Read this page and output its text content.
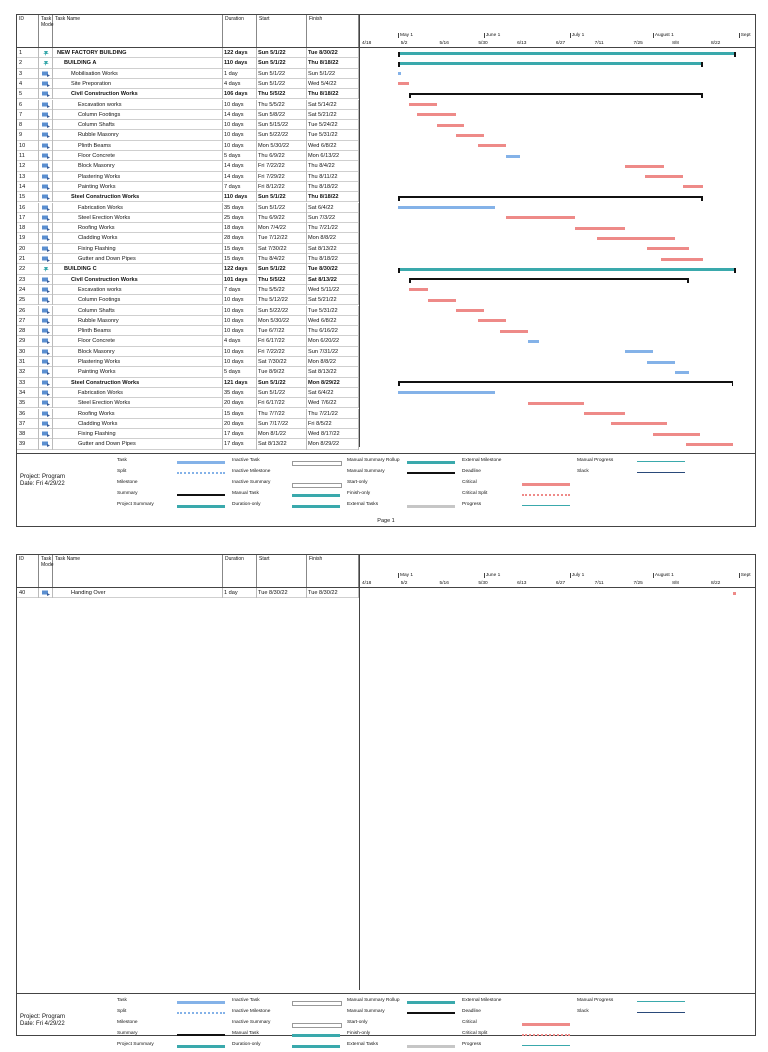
ID	Task Mode
Task Name	Duration	Start	Finish
1	NEW FACTORY BUILDING	122 days	Sun 5/1/22	Tue 8/30/22
2	BUILDING A	110 days	Sun 5/1/22	Thu 8/18/22
3	Mobilisation Works	1 day	Sun 5/1/22	Sun 5/1/22
4	Site Preporation	4 days	Sun 5/1/22	Wed 5/4/22
5	Civil Construction Works	106 days	Thu 5/5/22	Thu 8/18/22
6	Excavation works	10 days	Thu 5/5/22	Sat 5/14/22
7	Column Footings	14 days	Sun 5/8/22	Sat 5/21/22
8	Column Shafts	10 days	Sun 5/15/22	Tue 5/24/22
9	Rubble Masonry	10 days	Sun 5/22/22	Tue 5/31/22
10	Plinth Beams	10 days	Mon 5/30/22	Wed 6/8/22
11	Floor Concrete	5 days	Thu 6/9/22	Mon 6/13/22
12	Block Masonry	14 days	Fri 7/22/22	Thu 8/4/22
13	Plastering Works	14 days	Fri 7/29/22	Thu 8/11/22
14	Painting Works	7 days	Fri 8/12/22	Thu 8/18/22
15	Steel Construction Works	110 days	Sun 5/1/22	Thu 8/18/22
16	Fabrication Works	35 days	Sun 5/1/22	Sat 6/4/22
17	Steel Erection Works	25 days	Thu 6/9/22	Sun 7/3/22
18	Roofing Works	18 days	Mon 7/4/22	Thu 7/21/22
19	Cladding Works	28 days	Tue 7/12/22	Mon 8/8/22
20	Fixing Flashing	15 days	Sat 7/30/22	Sat 8/13/22
21	Gutter and Down Pipes	15 days	Thu 8/4/22	Thu 8/18/22
22	BUILDING C	122 days	Sun 5/1/22	Tue 8/30/22
23	Civil Construction Works	101 days	Thu 5/5/22	Sat 8/13/22
24	Excavation works	7 days	Thu 5/5/22	Wed 5/11/22
25	Column Footings	10 days	Thu 5/12/22	Sat 5/21/22
26	Column Shafts	10 days	Sun 5/22/22	Tue 5/31/22
27	Rubble Masonry	10 days	Mon 5/30/22	Wed 6/8/22
28	Plinth Beams	10 days	Tue 6/7/22	Thu 6/16/22
29	Floor Concrete	4 days	Fri 6/17/22	Mon 6/20/22
30	Block Masonry	10 days	Fri 7/22/22	Sun 7/31/22
31	Plastering Works	10 days	Sat 7/30/22	Mon 8/8/22
32	Painting Works	5 days	Tue 8/9/22	Sat 8/13/22
33	Steel Construction Works	121 days	Sun 5/1/22	Mon 8/29/22
34	Fabrication Works	35 days	Sun 5/1/22	Sat 6/4/22
35	Steel Erection Works	20 days	Fri 6/17/22	Wed 7/6/22
36	Roofing Works	15 days	Thu 7/7/22	Thu 7/21/22
37	Cladding Works	20 days	Sun 7/17/22	Fri 8/5/22
38	Fixing Flashing	17 days	Mon 8/1/22	Wed 8/17/22
39	Gutter and Down Pipes	17 days	Sat 8/13/22	Mon 8/29/22
May 1	June 1	July 1	August 1	Sept
4/18	5/2	5/16	5/30	6/13	6/27	7/11	7/25	8/8	8/22
Project: Program
Date: Fri 4/29/22
Task
Split
Milestone
Summary
Project Summary
Inactive Task
Inactive Milestone
Inactive Summary
Manual Task
Duration-only
Manual Summary Rollup
Manual Summary
Start-only
Finish-only
External Tasks
External Milestone
Deadline
Critical
Critical Split
Progress
Manual Progress
Slack
Page 1
ID	Task Mode
Task Name	Duration	Start	Finish
40	Handing Over	1 day	Tue 8/30/22	Tue 8/30/22
May 1	June 1	July 1	August 1	Sept
4/18	5/2	5/16	5/30	6/13	6/27	7/11	7/25	8/8	8/22
Project: Program
Date: Fri 4/29/22
Task
Split
Milestone
Summary
Project Summary
Inactive Task
Inactive Milestone
Inactive Summary
Manual Task
Duration-only
Manual Summary Rollup
Manual Summary
Start-only
Finish-only
External Tasks
External Milestone
Deadline
Critical
Critical Split
Progress
Manual Progress
Slack
